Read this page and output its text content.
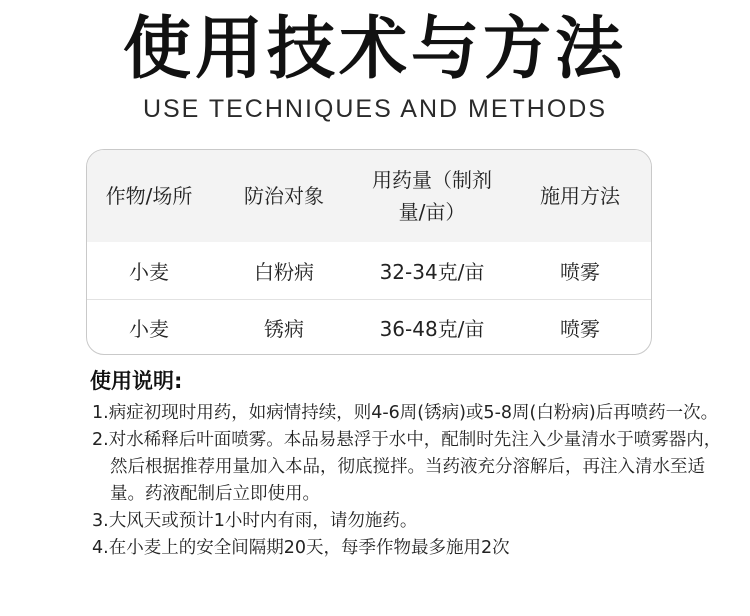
使用技术与方法
USE TECHNIQUES AND METHODS
作物/场所	防治对象	用药量（制剂量/亩）	施用方法
小麦	白粉病	32-34克/亩	喷雾
小麦	锈病	36-48克/亩	喷雾
使用说明:
1.病症初现时用药，如病情持续，则4-6周(锈病)或5-8周(白粉病)后再喷药一次。
2.对水稀释后叶面喷雾。本品易悬浮于水中，配制时先注入少量清水于喷雾器内，然后根据推荐用量加入本品，彻底搅拌。当药液充分溶解后，再注入清水至适量。药液配制后立即使用。
3.大风天或预计1小时内有雨，请勿施药。
4.在小麦上的安全间隔期20天，每季作物最多施用2次
